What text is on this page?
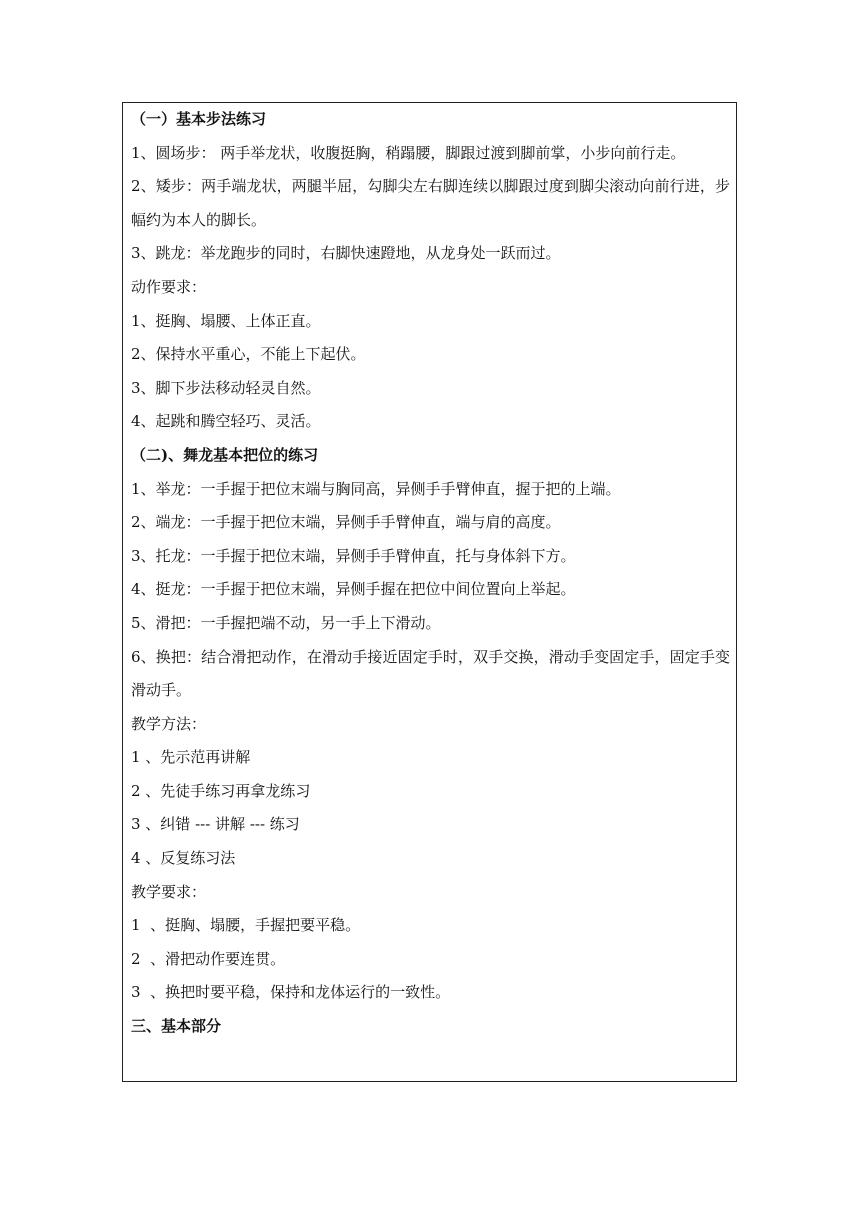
（一）基本步法练习
1、圆场步： 两手举龙状，收腹挺胸，稍蹋腰，脚跟过渡到脚前掌，小步向前行走。
2、矮步：两手端龙状，两腿半屈，勾脚尖左右脚连续以脚跟过度到脚尖滚动向前行进，步幅约为本人的脚长。
3、跳龙：举龙跑步的同时，右脚快速蹬地，从龙身处一跃而过。
动作要求：
1、挺胸、塌腰、上体正直。
2、保持水平重心，不能上下起伏。
3、脚下步法移动轻灵自然。
4、起跳和腾空轻巧、灵活。
（二)、舞龙基本把位的练习
1、举龙：一手握于把位末端与胸同高，异侧手手臂伸直，握于把的上端。
2、端龙：一手握于把位末端，异侧手手臂伸直，端与肩的高度。
3、托龙：一手握于把位末端，异侧手手臂伸直，托与身体斜下方。
4、挺龙：一手握于把位末端，异侧手握在把位中间位置向上举起。
5、滑把：一手握把端不动，另一手上下滑动。
6、换把：结合滑把动作，在滑动手接近固定手时，双手交换，滑动手变固定手，固定手变滑动手。
教学方法：
1 、先示范再讲解
2 、先徒手练习再拿龙练习
3 、纠错 --- 讲解 --- 练习
4 、反复练习法
教学要求：
1  、挺胸、塌腰，手握把要平稳。
2  、滑把动作要连贯。
3  、换把时要平稳，保持和龙体运行的一致性。
三、基本部分
